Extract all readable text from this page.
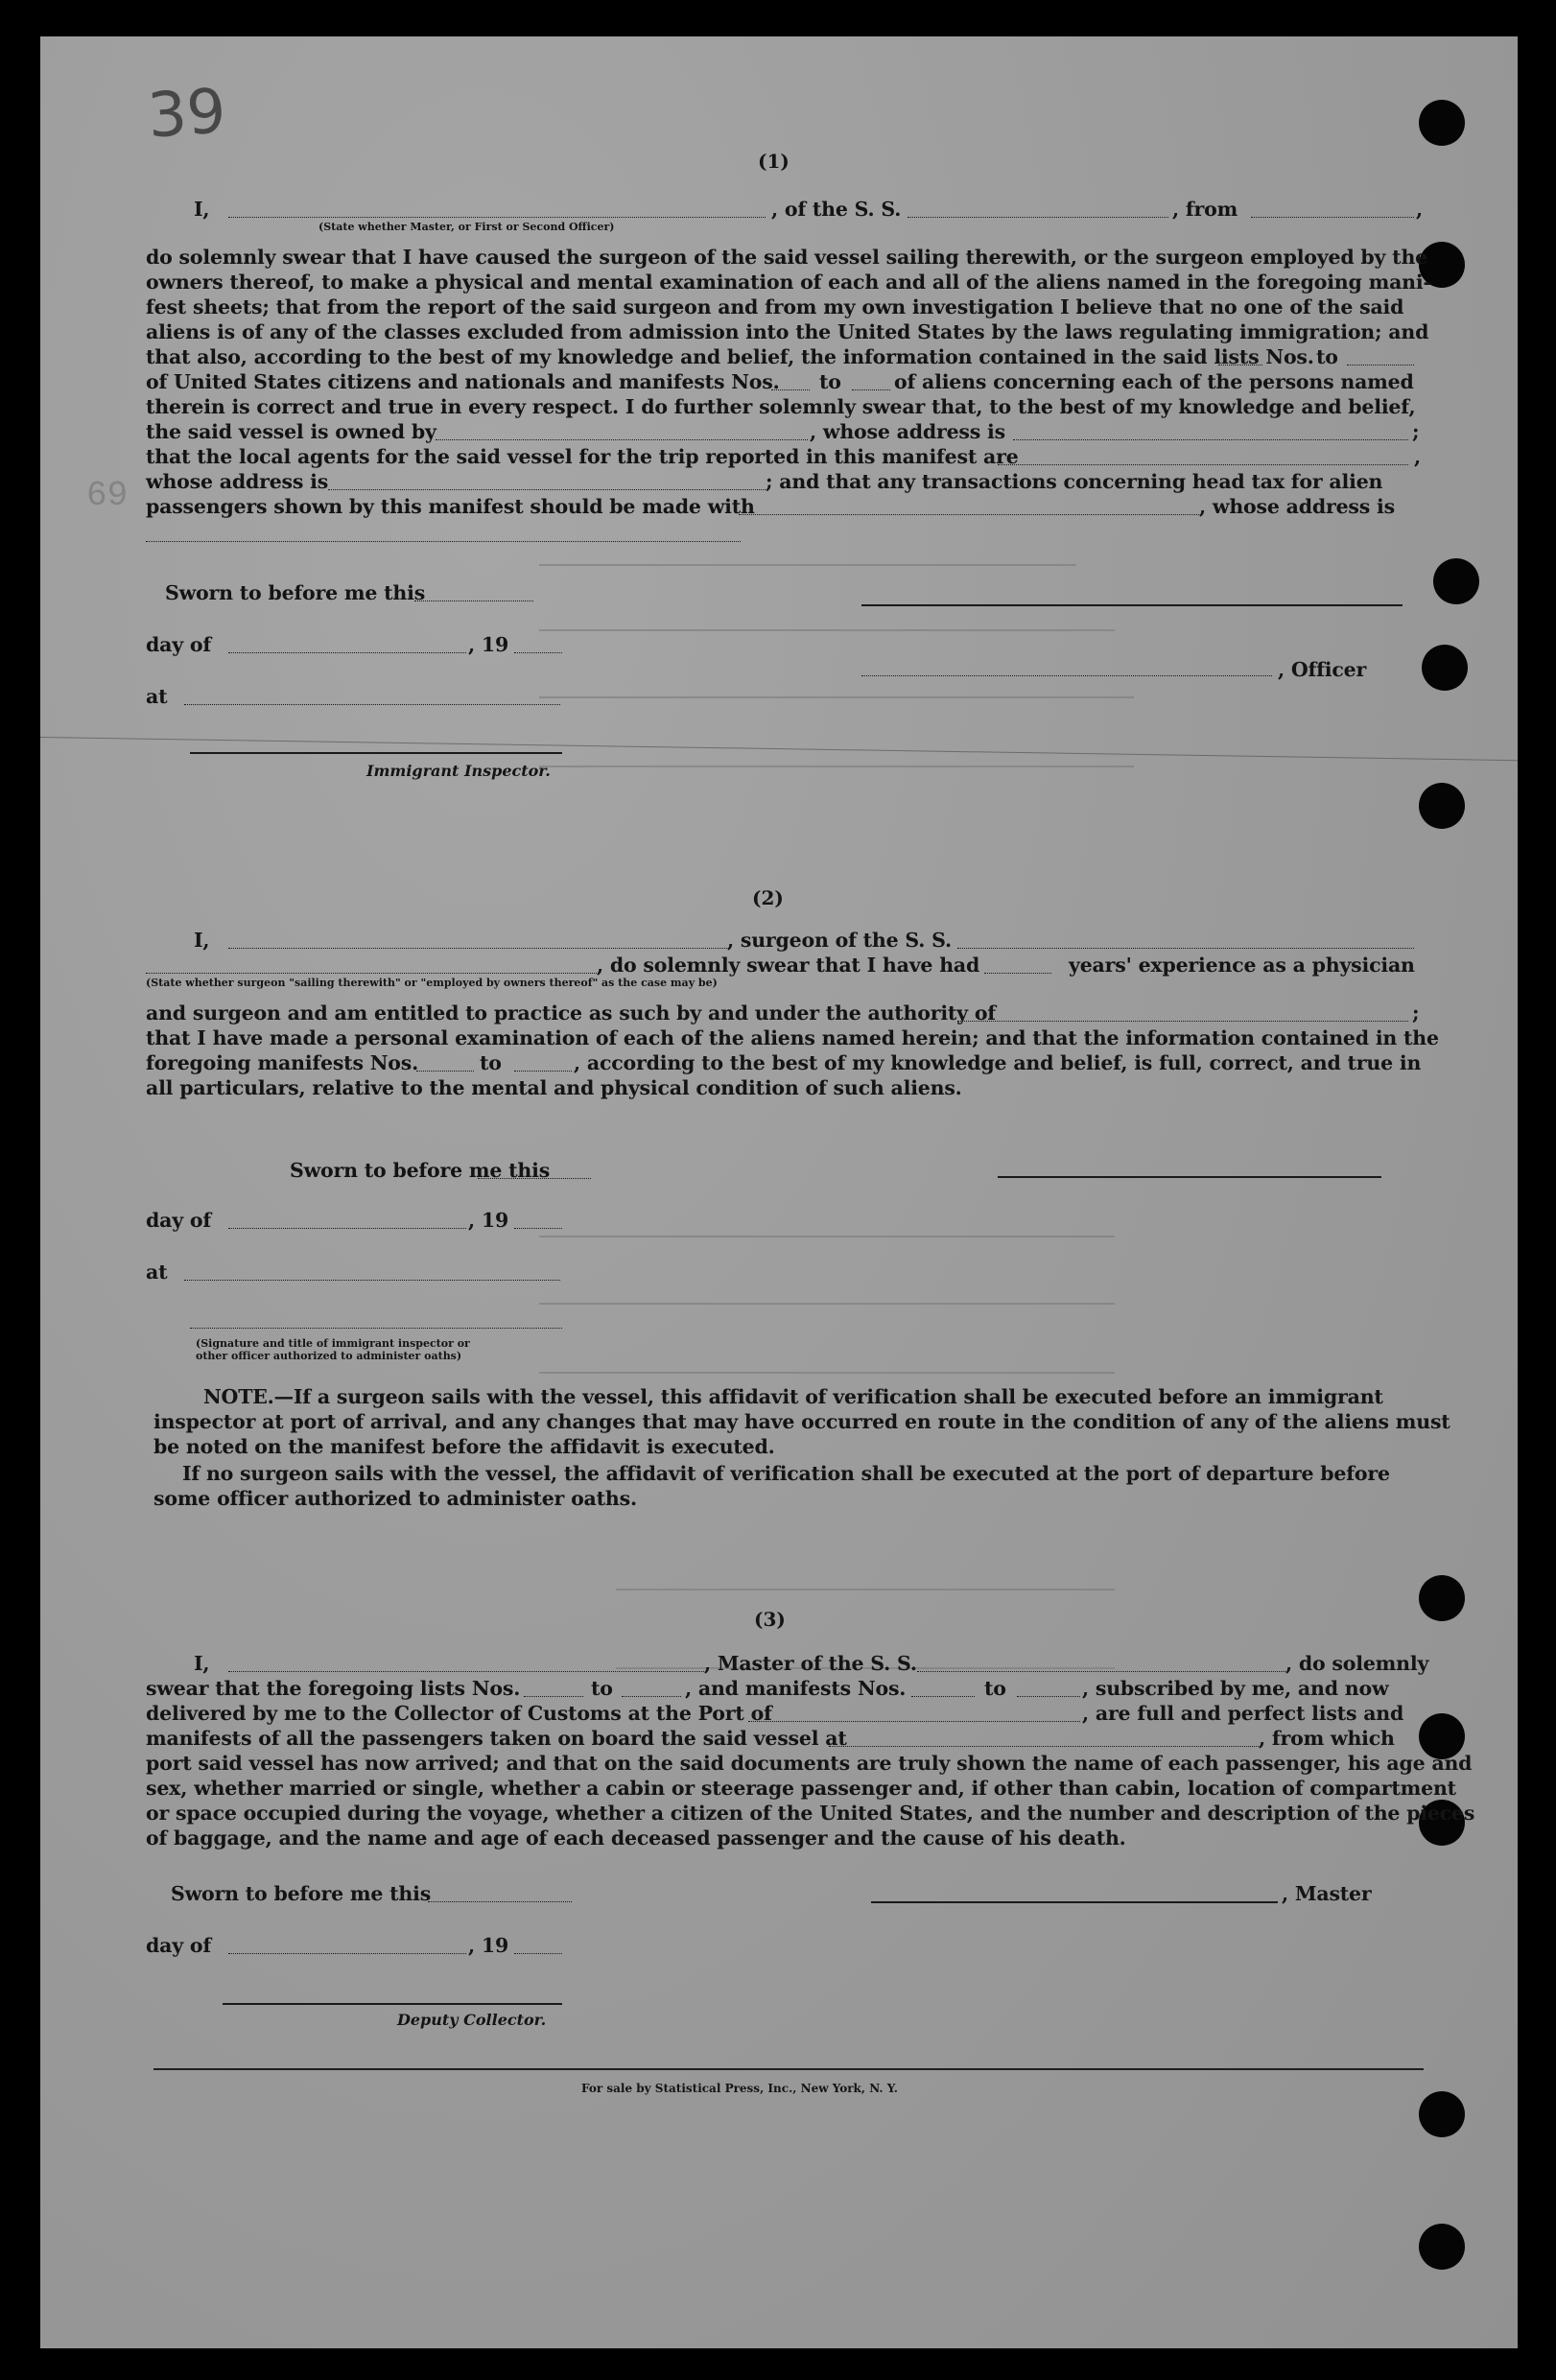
39
69
(1)
I,	, of the S. S.	, from	,
(State whether Master, or First or Second Officer)
do solemnly swear that I have caused the surgeon of the said vessel sailing therewith, or the surgeon employed by the
owners thereof, to make a physical and mental examination of each and all of the aliens named in the foregoing mani-
fest sheets; that from the report of the said surgeon and from my own investigation I believe that no one of the said
aliens is of any of the classes excluded from admission into the United States by the laws regulating immigration; and
that also, according to the best of my knowledge and belief, the information contained in the said lists Nos. to
of United States citizens and nationals and manifests Nos. to	of aliens concerning each of the persons named
therein is correct and true in every respect. I do further solemnly swear that, to the best of my knowledge and belief,
the said vessel is owned by	, whose address is	;
that the local agents for the said vessel for the trip reported in this manifest are	,
whose address is	; and that any transactions concerning head tax for alien
passengers shown by this manifest should be made with	, whose address is
Sworn to before me this
day of	, 19
, Officer
at
Immigrant Inspector.
(2)
I,	, surgeon of the S. S.
, do solemnly swear that I have had	years' experience as a physician
(State whether surgeon "sailing therewith" or "employed by owners thereof" as the case may be)
and surgeon and am entitled to practice as such by and under the authority of	;
that I have made a personal examination of each of the aliens named herein; and that the information contained in the
foregoing manifests Nos.	to	, according to the best of my knowledge and belief, is full, correct, and true in
all particulars, relative to the mental and physical condition of such aliens.
Sworn to before me this
day of	, 19
at
(Signature and title of immigrant inspector or
other officer authorized to administer oaths)
NOTE.—If a surgeon sails with the vessel, this affidavit of verification shall be executed before an immigrant
inspector at port of arrival, and any changes that may have occurred en route in the condition of any of the aliens must
be noted on the manifest before the affidavit is executed.
If no surgeon sails with the vessel, the affidavit of verification shall be executed at the port of departure before
some officer authorized to administer oaths.
(3)
I,	, Master of the S. S.	, do solemnly
swear that the foregoing lists Nos.	to	, and manifests Nos.	to	, subscribed by me, and now
delivered by me to the Collector of Customs at the Port of	, are full and perfect lists and
manifests of all the passengers taken on board the said vessel at	, from which
port said vessel has now arrived; and that on the said documents are truly shown the name of each passenger, his age and
sex, whether married or single, whether a cabin or steerage passenger and, if other than cabin, location of compartment
or space occupied during the voyage, whether a citizen of the United States, and the number and description of the pieces
of baggage, and the name and age of each deceased passenger and the cause of his death.
Sworn to before me this	, Master
day of	, 19
Deputy Collector.
For sale by Statistical Press, Inc., New York, N. Y.
